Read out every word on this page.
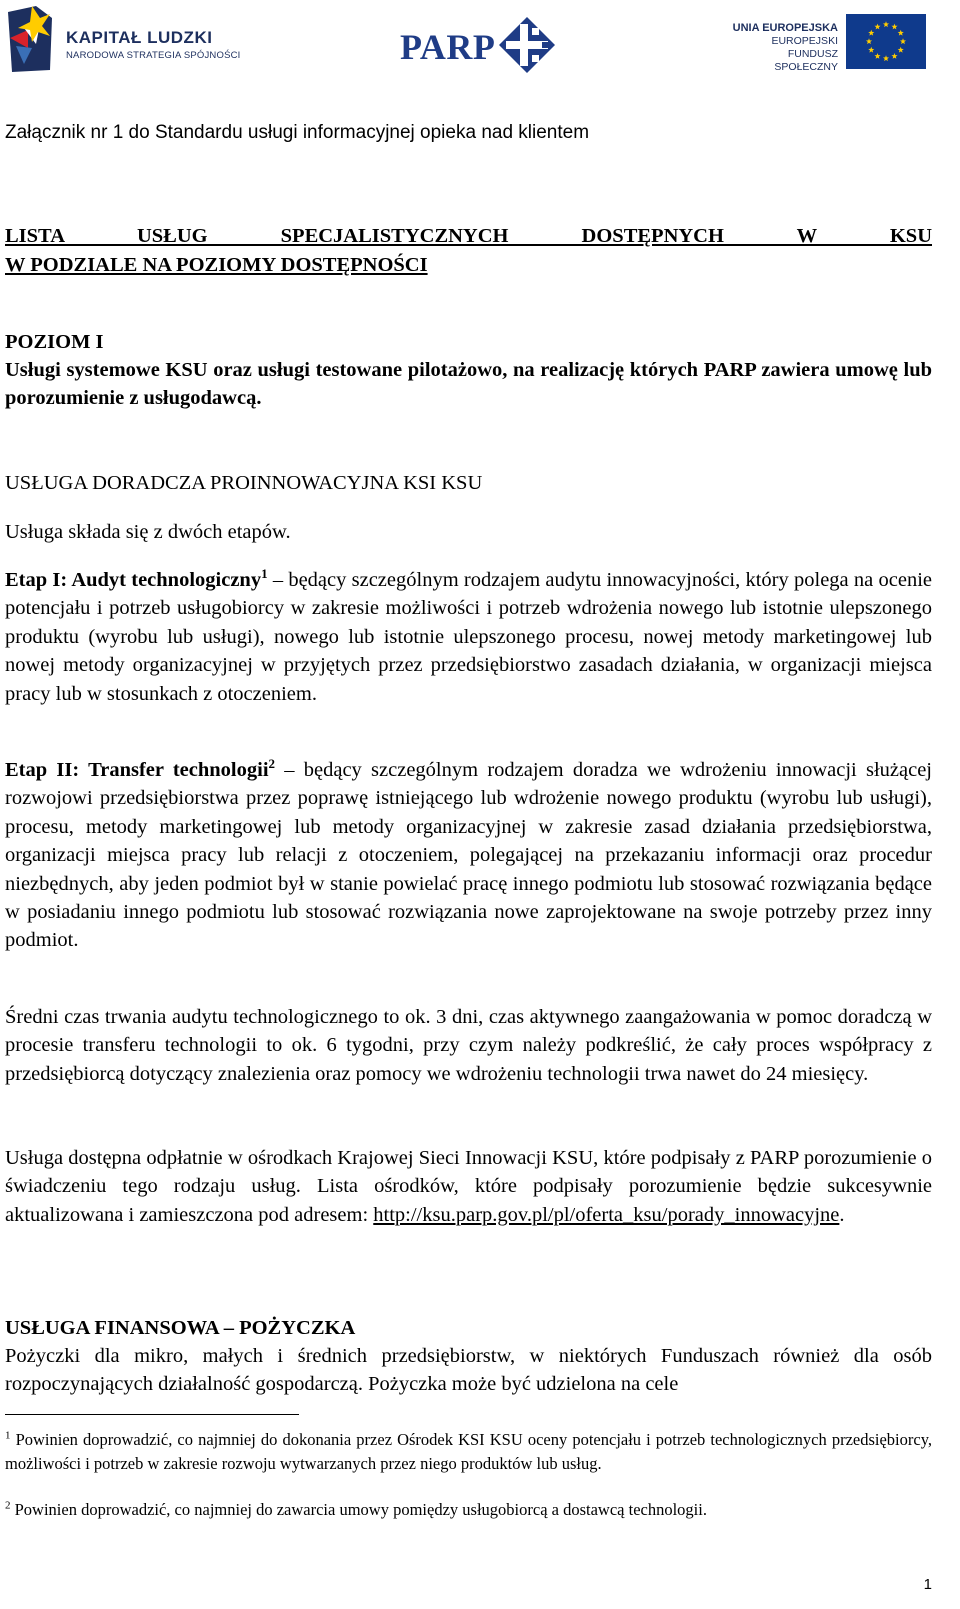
KAPITAŁ LUDZKI
NARODOWA STRATEGIA SPÓJNOŚCI	PARP	UNIA EUROPEJSKA
EUROPEJSKI
FUNDUSZ SPOŁECZNY
Załącznik nr 1 do Standardu usługi informacyjnej opieka nad klientem
LISTA USŁUG SPECJALISTYCZNYCH DOSTĘPNYCH W KSU
W PODZIALE NA POZIOMY DOSTĘPNOŚCI
POZIOM I
Usługi systemowe KSU oraz usługi testowane pilotażowo, na realizację których PARP zawiera umowę lub porozumienie z usługodawcą.
USŁUGA DORADCZA PROINNOWACYJNA KSI KSU
Usługa składa się z dwóch etapów.
Etap I: Audyt technologiczny$^1$ – będący szczególnym rodzajem audytu innowacyjności, który polega na ocenie potencjału i potrzeb usługobiorcy w zakresie możliwości i potrzeb wdrożenia nowego lub istotnie ulepszonego produktu (wyrobu lub usługi), nowego lub istotnie ulepszonego procesu, nowej metody marketingowej lub nowej metody organizacyjnej w przyjętych przez przedsiębiorstwo zasadach działania, w organizacji miejsca pracy lub w stosunkach z otoczeniem.
Etap II: Transfer technologii$^2$ – będący szczególnym rodzajem doradza we wdrożeniu innowacji służącej rozwojowi przedsiębiorstwa przez poprawę istniejącego lub wdrożenie nowego produktu (wyrobu lub usługi), procesu, metody marketingowej lub metody organizacyjnej w zakresie zasad działania przedsiębiorstwa, organizacji miejsca pracy lub relacji z otoczeniem, polegającej na przekazaniu informacji oraz procedur niezbędnych, aby jeden podmiot był w stanie powielać pracę innego podmiotu lub stosować rozwiązania będące w posiadaniu innego podmiotu lub stosować rozwiązania nowe zaprojektowane na swoje potrzeby przez inny podmiot.
Średni czas trwania audytu technologicznego to ok. 3 dni, czas aktywnego zaangażowania w pomoc doradczą w procesie transferu technologii to ok. 6 tygodni, przy czym należy podkreślić, że cały proces współpracy z przedsiębiorcą dotyczący znalezienia oraz pomocy we wdrożeniu technologii trwa nawet do 24 miesięcy.
Usługa dostępna odpłatnie w ośrodkach Krajowej Sieci Innowacji KSU, które podpisały z PARP porozumienie o świadczeniu tego rodzaju usług. Lista ośrodków, które podpisały porozumienie będzie sukcesywnie aktualizowana i zamieszczona pod adresem: http://ksu.parp.gov.pl/pl/oferta_ksu/porady_innowacyjne.
USŁUGA FINANSOWA – POŻYCZKA
Pożyczki dla mikro, małych i średnich przedsiębiorstw, w niektórych Funduszach również dla osób rozpoczynających działalność gospodarczą. Pożyczka może być udzielona na cele
$^1$ Powinien doprowadzić, co najmniej do dokonania przez Ośrodek KSI KSU oceny potencjału i potrzeb technologicznych przedsiębiorcy, możliwości i potrzeb w zakresie rozwoju wytwarzanych przez niego produktów lub usług.
$^2$ Powinien doprowadzić, co najmniej do zawarcia umowy pomiędzy usługobiorcą a dostawcą technologii.
1
